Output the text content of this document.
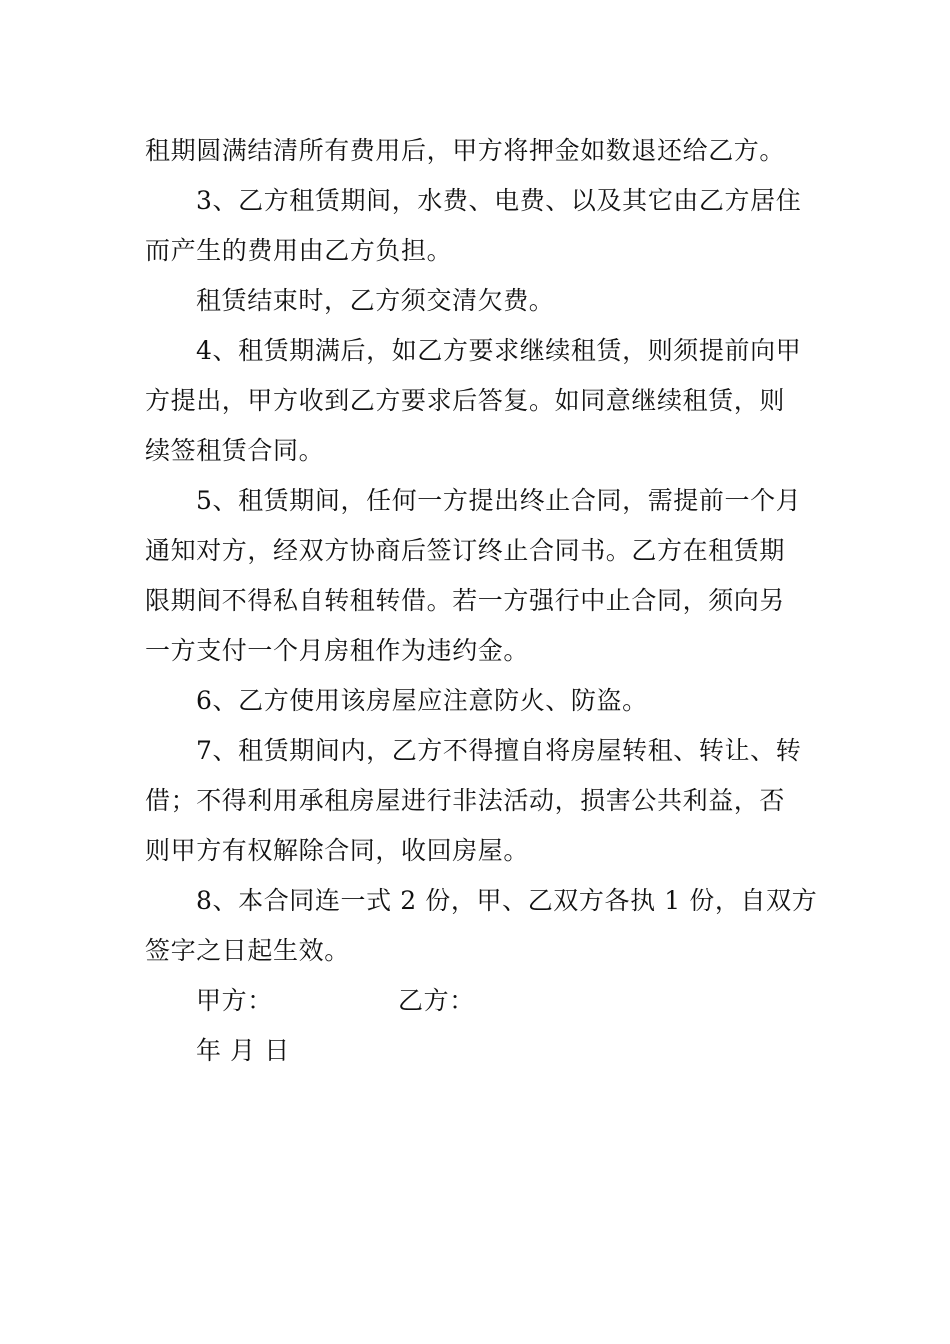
租期圆满结清所有费用后，甲方将押金如数退还给乙方。
3、乙方租赁期间，水费、电费、以及其它由乙方居住
而产生的费用由乙方负担。
租赁结束时，乙方须交清欠费。
4、租赁期满后，如乙方要求继续租赁，则须提前向甲
方提出，甲方收到乙方要求后答复。如同意继续租赁，则
续签租赁合同。
5、租赁期间，任何一方提出终止合同，需提前一个月
通知对方，经双方协商后签订终止合同书。乙方在租赁期
限期间不得私自转租转借。若一方强行中止合同，须向另
一方支付一个月房租作为违约金。
6、乙方使用该房屋应注意防火、防盗。
7、租赁期间内，乙方不得擅自将房屋转租、转让、转
借；不得利用承租房屋进行非法活动，损害公共利益，否
则甲方有权解除合同，收回房屋。
8、本合同连一式 2 份，甲、乙双方各执 1 份，自双方
签字之日起生效。
甲方：	乙方：
年 月 日
